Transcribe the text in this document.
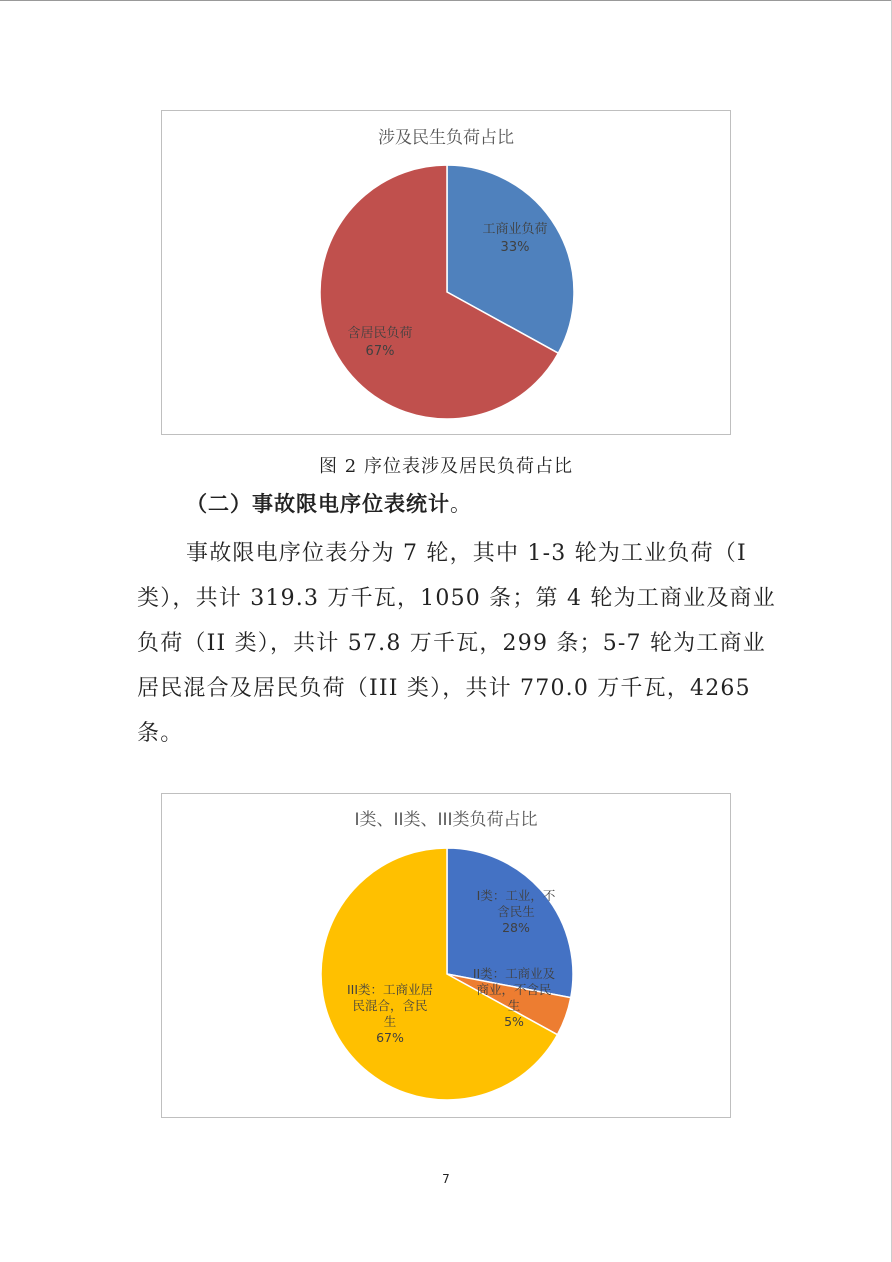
涉及民生负荷占比
工商业负荷 33%
含居民负荷 67%
图 2 序位表涉及居民负荷占比
（二）事故限电序位表统计。
事故限电序位表分为 7 轮，其中 1-3 轮为工业负荷（I
类），共计 319.3 万千瓦，1050 条；第 4 轮为工商业及商业
负荷（II 类），共计 57.8 万千瓦，299 条；5-7 轮为工商业
居民混合及居民负荷（III 类），共计 770.0 万千瓦，4265
条。
I类、II类、III类负荷占比
I类：工业，不含民生 28%
II类：工商业及商业，不含民生 5%
III类：工商业居民混合，含民生 67%
7
